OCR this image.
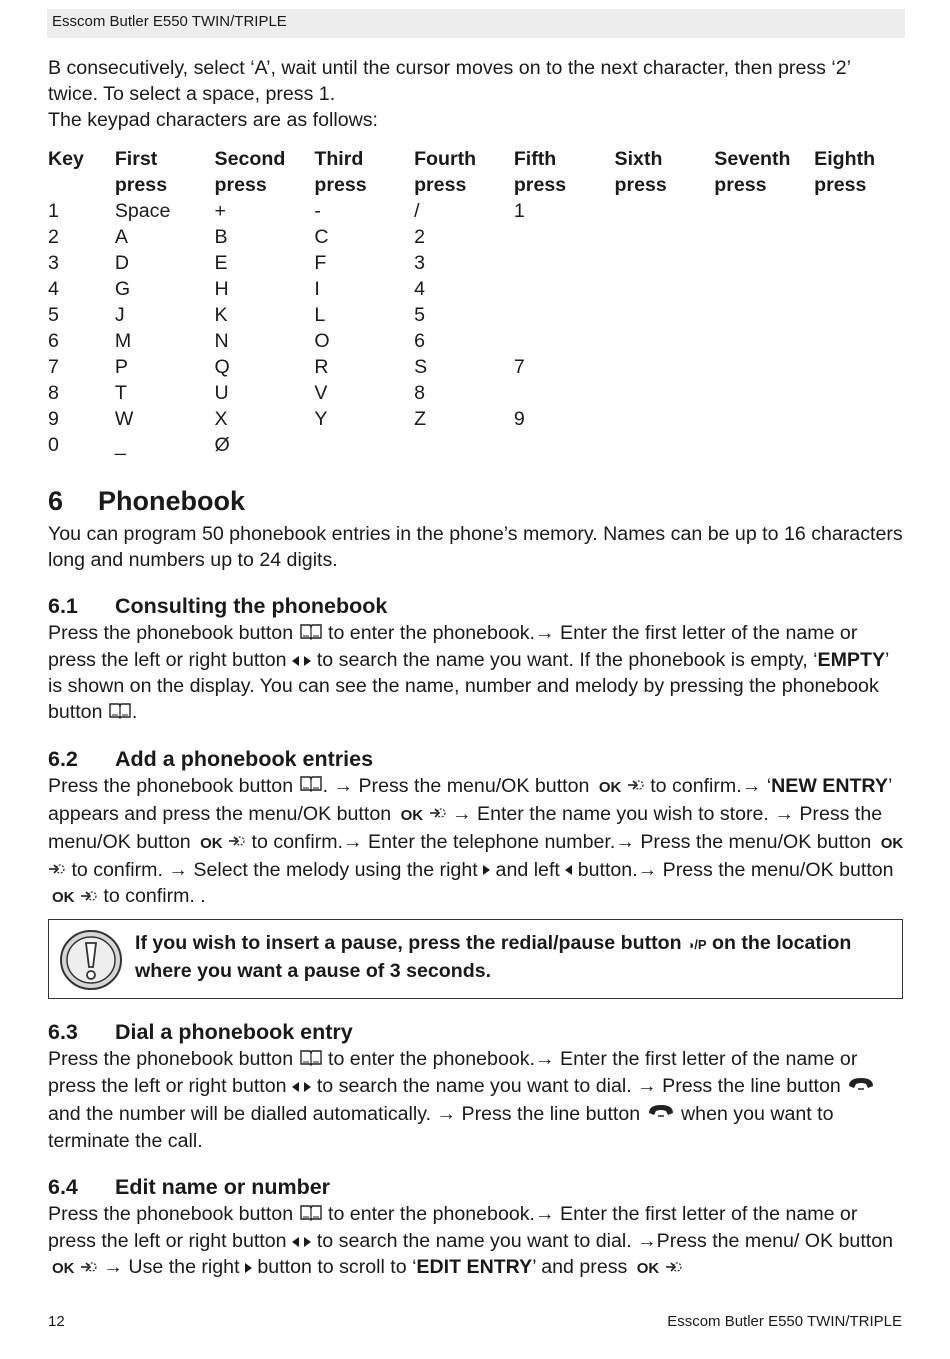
Esscom Butler E550 TWIN/TRIPLE

B consecutively, select ‘A’, wait until the cursor moves on to the next character, then press ‘2’ twice. To select a space, press 1.

The keypad characters are as follows:

Key	First	Second	Third	Fourth	Fifth	Sixth	Seventh	Eighth
	press	press	press	press	press	press	press	press
1	Space	+	-	/	1			
2	A	B	C	2				
3	D	E	F	3				
4	G	H	I	4				
5	J	K	L	5				
6	M	N	O	6				
7	P	Q	R	S	7			
8	T	U	V	8				
9	W	X	Y	Z	9			
0	_	Ø						
6 Phonebook

You can program 50 phonebook entries in the phone’s memory. Names can be up to 16 characters long and numbers up to 24 digits.

6.1 Consulting the phonebook

Press the phonebook button  to enter the phonebook.→ Enter the first letter of the name or press the left or right button   to search the name you want. If the phonebook is empty, ‘EMPTY’ is shown on the display. You can see the name, number and melody by pressing the phonebook button .

6.2 Add a phonebook entries

Press the phonebook button . → Press the menu/OK button OK  to confirm.→ ‘NEW ENTRY’ appears and press the menu/OK button OK  → Enter the name you wish to store. → Press the menu/OK button OK  to confirm.→ Enter the telephone number.→ Press the menu/OK button OK  to confirm. → Select the melody using the right  and left  button.→ Press the menu/OK button OK  to confirm. .

If you wish to insert a pause, press the redial/pause button ◑/P on the location where you want a pause of 3 seconds.
6.3 Dial a phonebook entry

Press the phonebook button  to enter the phonebook.→ Enter the first letter of the name or press the left or right button   to search the name you want to dial. → Press the line button  and the number will be dialled automatically. → Press the line button  when you want to terminate the call.

6.4 Edit name or number

Press the phonebook button  to enter the phonebook.→ Enter the first letter of the name or press the left or right button   to search the name you want to dial. →Press the menu/ OK button OK  → Use the right  button to scroll to ‘EDIT ENTRY’ and press OK

12	Esscom Butler E550 TWIN/TRIPLE
